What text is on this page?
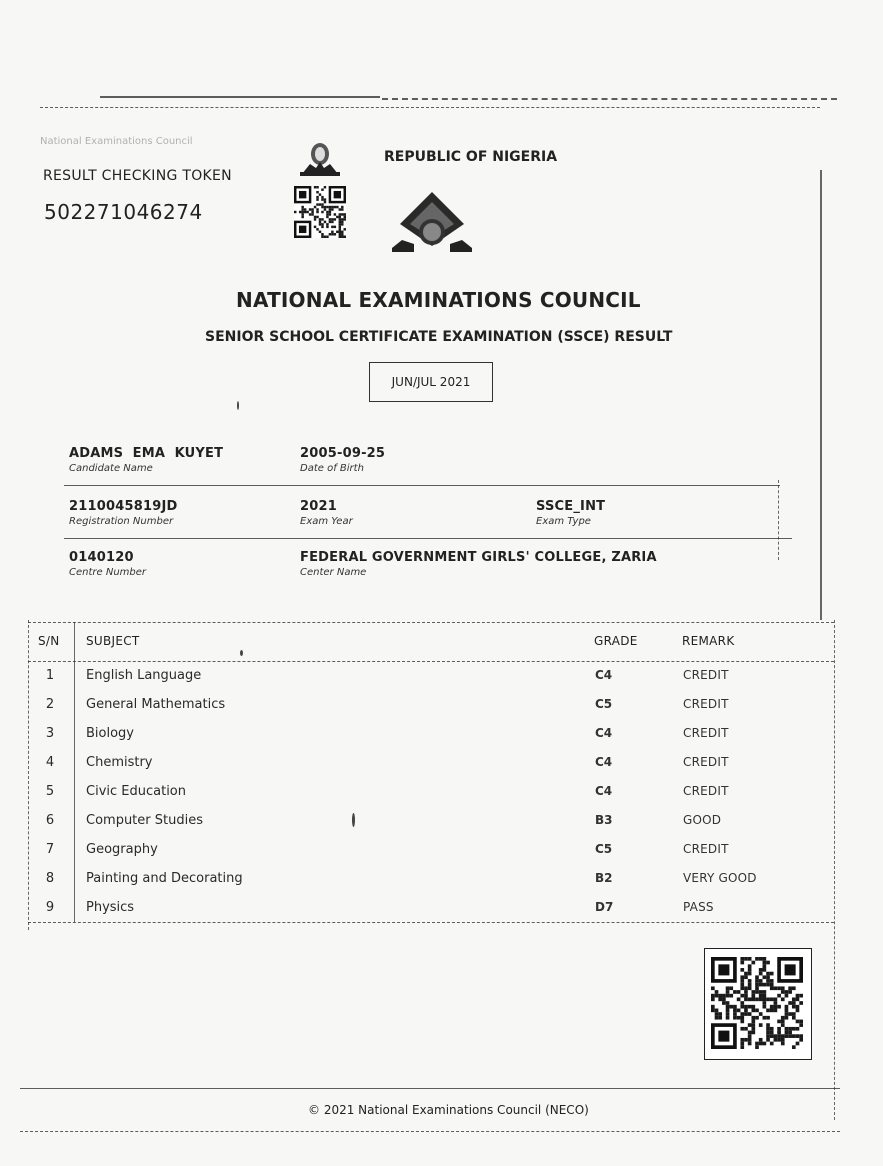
National Examinations Council
RESULT CHECKING TOKEN
502271046274
REPUBLIC OF NIGERIA
NATIONAL EXAMINATIONS COUNCIL
SENIOR SCHOOL CERTIFICATE EXAMINATION (SSCE) RESULT
JUN/JUL 2021
ADAMS  EMA  KUYET
Candidate Name
2005-09-25
Date of Birth
2110045819JD
Registration Number
2021
Exam Year
SSCE_INT
Exam Type
0140120
Centre Number
FEDERAL GOVERNMENT GIRLS' COLLEGE, ZARIA
Center Name
S/N SUBJECT	GRADE	REMARK
1 English Language	C4	CREDIT
2 General Mathematics	C5	CREDIT
3 Biology	C4	CREDIT
4 Chemistry	C4	CREDIT
5 Civic Education	C4	CREDIT
6 Computer Studies	B3	GOOD
7 Geography	C5	CREDIT
8 Painting and Decorating	B2	VERY GOOD
9 Physics	D7	PASS
© 2021 National Examinations Council (NECO)
